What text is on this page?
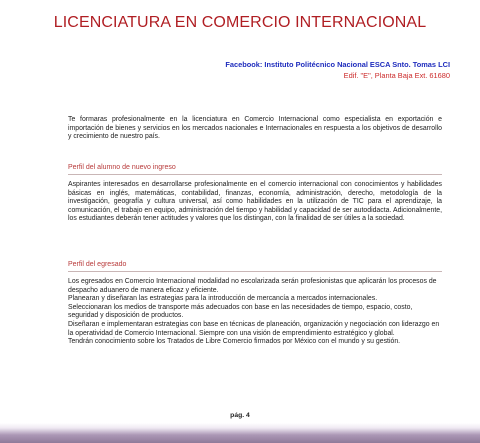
LICENCIATURA EN COMERCIO INTERNACIONAL
Facebook: Instituto Politécnico Nacional ESCA Snto. Tomas LCI
Edif. "E", Planta Baja Ext. 61680
Te formaras profesionalmente en la licenciatura en Comercio Internacional como especialista en exportación e importación de bienes y servicios en los mercados nacionales e Internacionales en respuesta a los objetivos de desarrollo y crecimiento de nuestro país.
Perfil del alumno de nuevo ingreso
Aspirantes interesados en desarrollarse profesionalmente en el comercio internacional con conocimientos y habilidades básicas en inglés, matemáticas, contabilidad, finanzas, economía, administración, derecho, metodología de la investigación, geografía y cultura universal, así como habilidades en la utilización de TIC para el aprendizaje, la comunicación, el trabajo en equipo, administración del tiempo y habilidad y capacidad de ser autodidacta. Adicionalmente, los estudiantes deberán tener actitudes y valores que los distingan, con la finalidad de ser útiles a la sociedad.
Perfil del egresado
Los egresados en Comercio Internacional modalidad no escolarizada serán profesionistas que aplicarán los procesos de despacho aduanero de manera eficaz y eficiente.
Planearan y diseñaran las estrategias para la introducción de mercancía a mercados internacionales.
Seleccionaran los medios de transporte más adecuados con base en las necesidades de tiempo, espacio, costo, seguridad y disposición de productos.
Diseñaran e implementaran estrategias con base en técnicas de planeación, organización y negociación con liderazgo en la operatividad de Comercio Internacional. Siempre con una visión de emprendimiento estratégico y global.
Tendrán conocimiento sobre los Tratados de Libre Comercio firmados por México con el mundo y su gestión.
pág. 4
